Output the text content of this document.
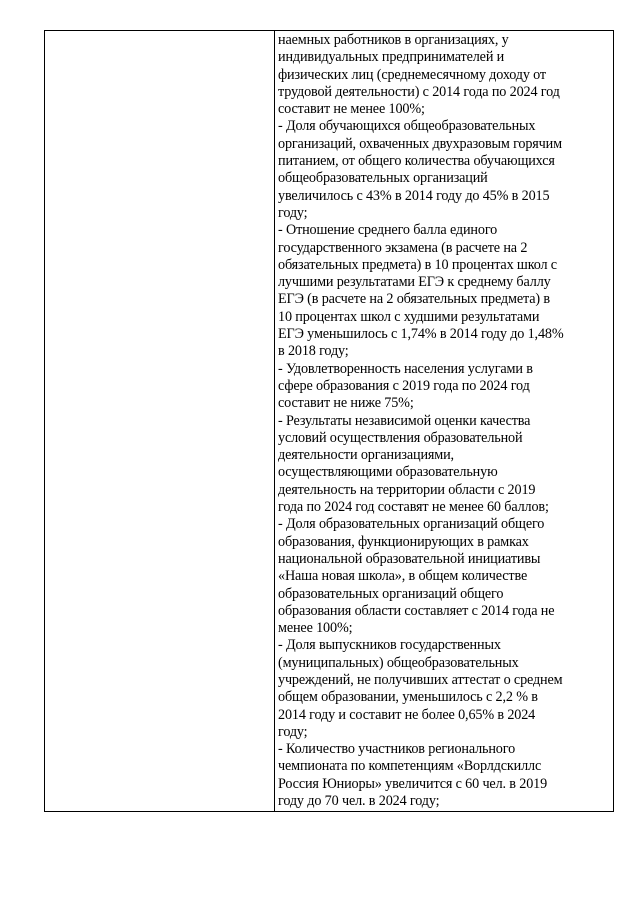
наемных работников в организациях, у
индивидуальных предпринимателей и
физических лиц (среднемесячному доходу от
трудовой деятельности) с 2014 года по 2024 год
составит не менее 100%;
- Доля обучающихся общеобразовательных
организаций, охваченных двухразовым горячим
питанием, от общего количества обучающихся
общеобразовательных организаций
увеличилось с 43% в 2014 году до 45% в 2015
году;
- Отношение среднего балла единого
государственного экзамена (в расчете на 2
обязательных предмета) в 10 процентах школ с
лучшими результатами ЕГЭ к среднему баллу
ЕГЭ (в расчете на 2 обязательных предмета) в
10 процентах школ с худшими результатами
ЕГЭ уменьшилось с 1,74% в 2014 году до 1,48%
в 2018 году;
- Удовлетворенность населения услугами в
сфере образования с 2019 года по 2024 год
составит не ниже 75%;
- Результаты независимой оценки качества
условий осуществления образовательной
деятельности организациями,
осуществляющими образовательную
деятельность на территории области с 2019
года по 2024 год составят не менее 60 баллов;
- Доля образовательных организаций общего
образования, функционирующих в рамках
национальной образовательной инициативы
«Наша новая школа», в общем количестве
образовательных организаций общего
образования области составляет с 2014 года не
менее 100%;
- Доля выпускников государственных
(муниципальных) общеобразовательных
учреждений, не получивших аттестат о среднем
общем образовании, уменьшилось с 2,2 % в
2014 году и составит не более 0,65% в 2024
году;
- Количество участников регионального
чемпионата по компетенциям «Ворлдскиллс
Россия Юниоры» увеличится с 60 чел. в 2019
году до 70 чел. в 2024 году;
